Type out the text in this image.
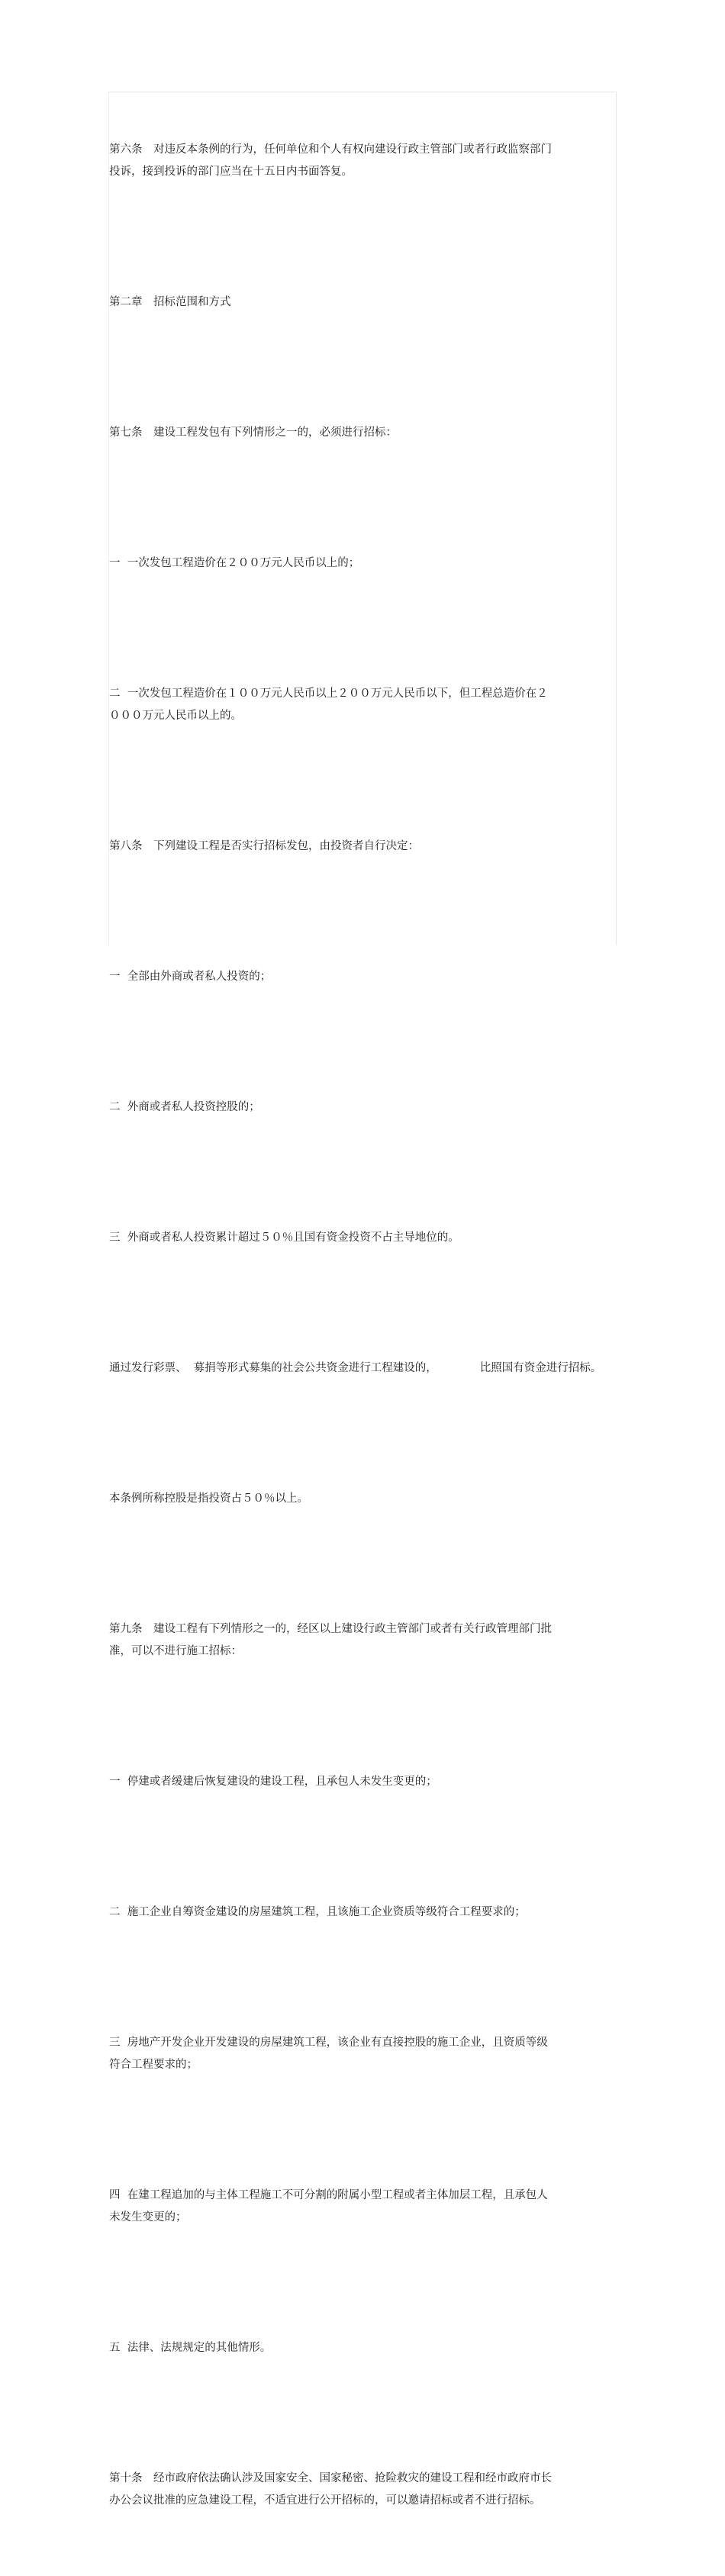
第六条　对违反本条例的行为，任何单位和个人有权向建设行政主管部门或者行政监察部门
投诉，接到投诉的部门应当在十五日内书面答复。

第二章　招标范围和方式

第七条　建设工程发包有下列情形之一的，必须进行招标：

一  一次发包工程造价在２００万元人民币以上的；

二  一次发包工程造价在１００万元人民币以上２００万元人民币以下，但工程总造价在２
０００万元人民币以上的。

第八条　下列建设工程是否实行招标发包，由投资者自行决定：

一  全部由外商或者私人投资的；

二  外商或者私人投资控股的；

三  外商或者私人投资累计超过５０％且国有资金投资不占主导地位的。

通过发行彩票、  募捐等形式募集的社会公共资金进行工程建设的，	比照国有资金进行招标。

本条例所称控股是指投资占５０％以上。

第九条　建设工程有下列情形之一的，经区以上建设行政主管部门或者有关行政管理部门批
准，可以不进行施工招标：

一  停建或者缓建后恢复建设的建设工程，且承包人未发生变更的；

二  施工企业自筹资金建设的房屋建筑工程，且该施工企业资质等级符合工程要求的；

三  房地产开发企业开发建设的房屋建筑工程，该企业有直接控股的施工企业，且资质等级
符合工程要求的；

四  在建工程追加的与主体工程施工不可分割的附属小型工程或者主体加层工程，且承包人
未发生变更的；

五  法律、法规规定的其他情形。

第十条　经市政府依法确认涉及国家安全、国家秘密、抢险救灾的建设工程和经市政府市长
办公会议批准的应急建设工程，不适宜进行公开招标的，可以邀请招标或者不进行招标。
